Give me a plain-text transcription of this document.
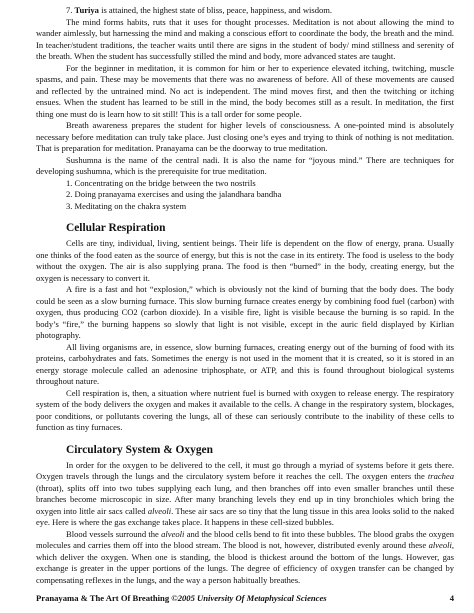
7. Turiya is attained, the highest state of bliss, peace, happiness, and wisdom.

The mind forms habits, ruts that it uses for thought processes. Meditation is not about allowing the mind to wander aimlessly, but harnessing the mind and making a conscious effort to coordinate the body, the breath and the mind. In teacher/student traditions, the teacher waits until there are signs in the student of body/ mind stillness and serenity of the breath. When the student has successfully stilled the mind and body, more advanced states are taught.

For the beginner in meditation, it is common for him or her to experience elevated itching, twitching, muscle spasms, and pain. These may be movements that there was no awareness of before. All of these movements are caused and reflected by the untrained mind. No act is independent. The mind moves first, and then the twitching or itching ensues. When the student has learned to be still in the mind, the body becomes still as a result. In meditation, the first thing one must do is learn how to sit still! This is a tall order for some people.

Breath awareness prepares the student for higher levels of consciousness. A one-pointed mind is absolutely necessary before meditation can truly take place. Just closing one’s eyes and trying to think of nothing is not meditation. That is preparation for meditation. Pranayama can be the doorway to true meditation.

Sushumna is the name of the central nadi. It is also the name for “joyous mind.” There are techniques for developing sushumna, which is the prerequisite for true meditation.

1. Concentrating on the bridge between the two nostrils
2. Doing pranayama exercises and using the jalandhara bandha
3. Meditating on the chakra system
Cellular Respiration

Cells are tiny, individual, living, sentient beings. Their life is dependent on the flow of energy, prana. Usually one thinks of the food eaten as the source of energy, but this is not the case in its entirety. The food is useless to the body without the oxygen. The air is also supplying prana. The food is then “burned” in the body, creating energy, but the oxygen is necessary to convert it.

A fire is a fast and hot “explosion,” which is obviously not the kind of burning that the body does. The body could be seen as a slow burning furnace. This slow burning furnace creates energy by combining food fuel (carbon) with oxygen, thus producing CO2 (carbon dioxide). In a visible fire, light is visible because the burning is so rapid. In the body’s “fire,” the burning happens so slowly that light is not visible, except in the auric field displayed by Kirlian photography.

All living organisms are, in essence, slow burning furnaces, creating energy out of the burning of food with its proteins, carbohydrates and fats. Sometimes the energy is not used in the moment that it is created, so it is stored in an energy storage molecule called an adenosine triphosphate, or ATP, and this is found throughout biological systems throughout nature.

Cell respiration is, then, a situation where nutrient fuel is burned with oxygen to release energy. The respiratory system of the body delivers the oxygen and makes it available to the cells. A change in the respiratory system, blockages, poor conditions, or pollutants covering the lungs, all of these can seriously contribute to the inability of these cells to function as tiny furnaces.

Circulatory System & Oxygen

In order for the oxygen to be delivered to the cell, it must go through a myriad of systems before it gets there. Oxygen travels through the lungs and the circulatory system before it reaches the cell. The oxygen enters the trachea (throat), splits off into two tubes supplying each lung, and then branches off into even smaller branches until these branches become microscopic in size. After many branching levels they end up in tiny bronchioles which bring the oxygen into little air sacs called alveoli. These air sacs are so tiny that the lung tissue in this area looks solid to the naked eye. Here is where the gas exchange takes place. It happens in these cell-sized bubbles.

Blood vessels surround the alveoli and the blood cells bend to fit into these bubbles. The blood grabs the oxygen molecules and carries them off into the blood stream. The blood is not, however, distributed evenly around these alveoli, which deliver the oxygen. When one is standing, the blood is thickest around the bottom of the lungs. However, gas exchange is greater in the upper portions of the lungs. The degree of efficiency of oxygen transfer can be changed by compensating reflexes in the lungs, and the way a person habitually breathes.

Pranayama & The Art Of Breathing ©2005 University Of Metaphysical Sciences	4
